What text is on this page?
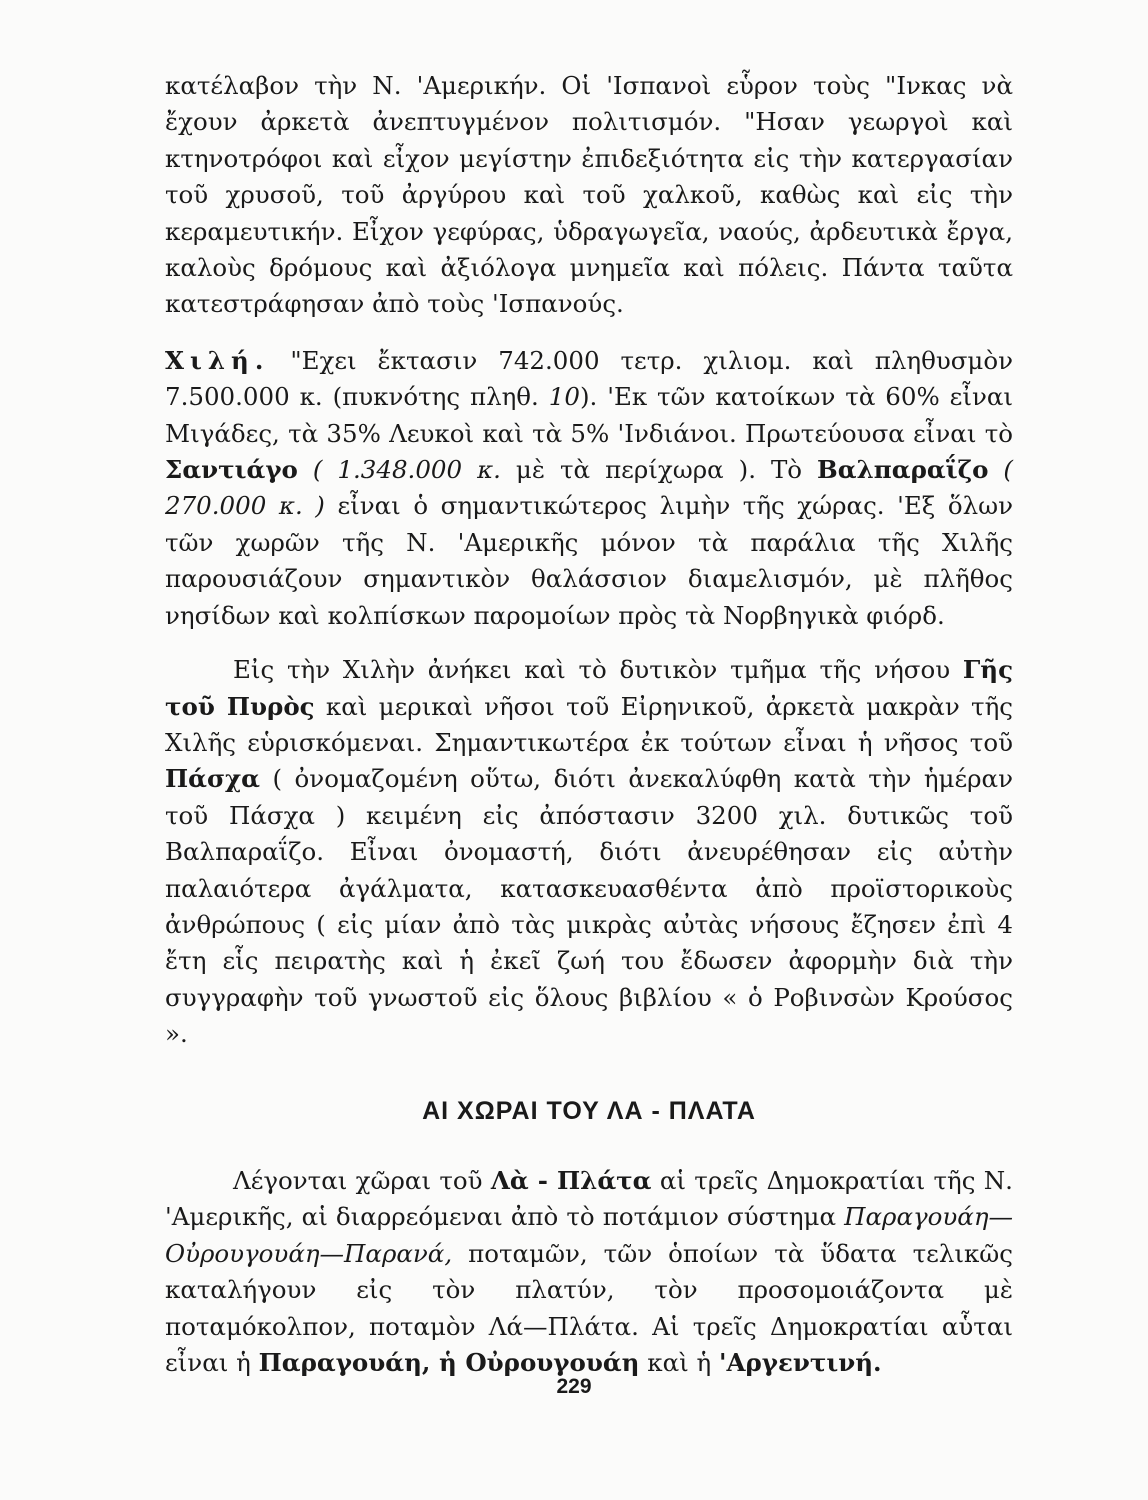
κατέλαβον τὴν Ν. 'Αμερικήν. Οἱ 'Ισπανοὶ εὗρον τοὺς "Ινκας νὰ ἔχουν ἀρκετὰ ἀνεπτυγμένον πολιτισμόν. "Ησαν γεωργοὶ καὶ κτηνοτρόφοι καὶ εἶχον μεγίστην ἐπιδεξιότητα εἰς τὴν κατεργασίαν τοῦ χρυσοῦ, τοῦ ἀργύρου καὶ τοῦ χαλκοῦ, καθὼς καὶ εἰς τὴν κεραμευτικήν. Εἶχον γεφύρας, ὑδραγωγεῖα, ναούς, ἀρδευτικὰ ἔργα, καλοὺς δρόμους καὶ ἀξιόλογα μνημεῖα καὶ πόλεις. Πάντα ταῦτα κατεστράφησαν ἀπὸ τοὺς 'Ισπανούς.

Χιλή. "Εχει ἔκτασιν 742.000 τετρ. χιλιομ. καὶ πληθυσμὸν 7.500.000 κ. (πυκνότης πληθ. 10). 'Εκ τῶν κατοίκων τὰ 60% εἶναι Μιγάδες, τὰ 35% Λευκοὶ καὶ τὰ 5% 'Ινδιάνοι. Πρωτεύουσα εἶναι τὸ Σαντιάγο ( 1.348.000 κ. μὲ τὰ περίχωρα ). Τὸ Βαλπαραΐζο ( 270.000 κ. ) εἶναι ὁ σημαντικώτερος λιμὴν τῆς χώρας. 'Εξ ὅλων τῶν χωρῶν τῆς Ν. 'Αμερικῆς μόνον τὰ παράλια τῆς Χιλῆς παρουσιάζουν σημαντικὸν θαλάσσιον διαμελισμόν, μὲ πλῆθος νησίδων καὶ κολπίσκων παρομοίων πρὸς τὰ Νορβηγικὰ φιόρδ.

Εἰς τὴν Χιλὴν ἀνήκει καὶ τὸ δυτικὸν τμῆμα τῆς νήσου Γῆς τοῦ Πυρὸς καὶ μερικαὶ νῆσοι τοῦ Εἰρηνικοῦ, ἀρκετὰ μακρὰν τῆς Χιλῆς εὑρισκόμεναι. Σημαντικωτέρα ἐκ τούτων εἶναι ἡ νῆσος τοῦ Πάσχα ( ὀνομαζομένη οὕτω, διότι ἀνεκαλύφθη κατὰ τὴν ἡμέραν τοῦ Πάσχα ) κειμένη εἰς ἀπόστασιν 3200 χιλ. δυτικῶς τοῦ Βαλπαραΐζο. Εἶναι ὀνομαστή, διότι ἀνευρέθησαν εἰς αὐτὴν παλαιότερα ἀγάλματα, κατασκευασθέντα ἀπὸ προϊστορικοὺς ἀνθρώπους ( εἰς μίαν ἀπὸ τὰς μικρὰς αὐτὰς νήσους ἔζησεν ἐπὶ 4 ἔτη εἷς πειρατὴς καὶ ἡ ἐκεῖ ζωή του ἔδωσεν ἀφορμὴν διὰ τὴν συγγραφὴν τοῦ γνωστοῦ εἰς ὅλους βιβλίου « ὁ Ροβινσὼν Κρούσος ».

ΑΙ ΧΩΡΑΙ ΤΟΥ ΛΑ - ΠΛΑΤΑ

Λέγονται χῶραι τοῦ Λὰ - Πλάτα αἱ τρεῖς Δημοκρατίαι τῆς Ν. 'Αμερικῆς, αἱ διαρρεόμεναι ἀπὸ τὸ ποτάμιον σύστημα Παραγουάη—Οὐρουγουάη—Παρανά, ποταμῶν, τῶν ὁποίων τὰ ὕδατα τελικῶς καταλήγουν εἰς τὸν πλατύν, τὸν προσομοιάζοντα μὲ ποταμόκολπον, ποταμὸν Λά—Πλάτα. Αἱ τρεῖς Δημοκρατίαι αὗται εἶναι ἡ Παραγουάη, ἡ Οὐρουγουάη καὶ ἡ 'Αργεντινή.

229
